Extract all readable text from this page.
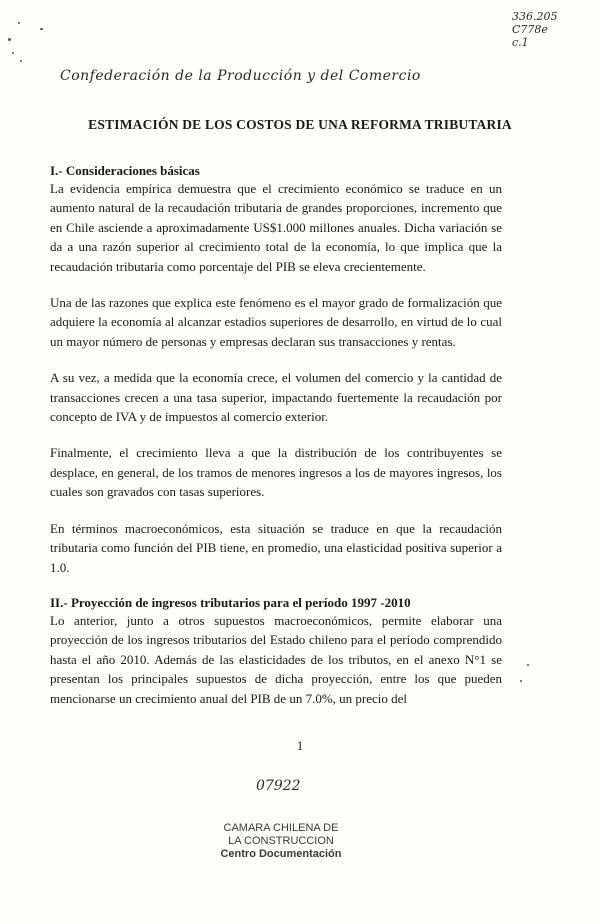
336.205
C778e
c.1
Confederación de la Producción y del Comercio
ESTIMACIÓN DE LOS COSTOS DE UNA REFORMA TRIBUTARIA
I.- Consideraciones básicas

La evidencia empírica demuestra que el crecimiento económico se traduce en un aumento natural de la recaudación tributaria de grandes proporciones, incremento que en Chile asciende a aproximadamente US$1.000 millones anuales. Dicha variación se da a una razón superior al crecimiento total de la economía, lo que implica que la recaudación tributaria como porcentaje del PIB se eleva crecientemente.

Una de las razones que explica este fenómeno es el mayor grado de formalización que adquiere la economía al alcanzar estadios superiores de desarrollo, en virtud de lo cual un mayor número de personas y empresas declaran sus transacciones y rentas.

A su vez, a medida que la economía crece, el volumen del comercio y la cantidad de transacciones crecen a una tasa superior, impactando fuertemente la recaudación por concepto de IVA y de impuestos al comercio exterior.

Finalmente, el crecimiento lleva a que la distribución de los contribuyentes se desplace, en general, de los tramos de menores ingresos a los de mayores ingresos, los cuales son gravados con tasas superiores.

En términos macroeconómicos, esta situación se traduce en que la recaudación tributaria como función del PIB tiene, en promedio, una elasticidad positiva superior a 1.0.

II.- Proyección de ingresos tributarios para el período 1997 -2010

Lo anterior, junto a otros supuestos macroeconómicos, permite elaborar una proyección de los ingresos tributarios del Estado chileno para el período comprendido hasta el año 2010. Además de las elasticidades de los tributos, en el anexo N°1 se presentan los principales supuestos de dicha proyección, entre los que pueden mencionarse un crecimiento anual del PIB de un 7.0%, un precio del

1
07922
CAMARA CHILENA DE
LA CONSTRUCCION
Centro Documentación
